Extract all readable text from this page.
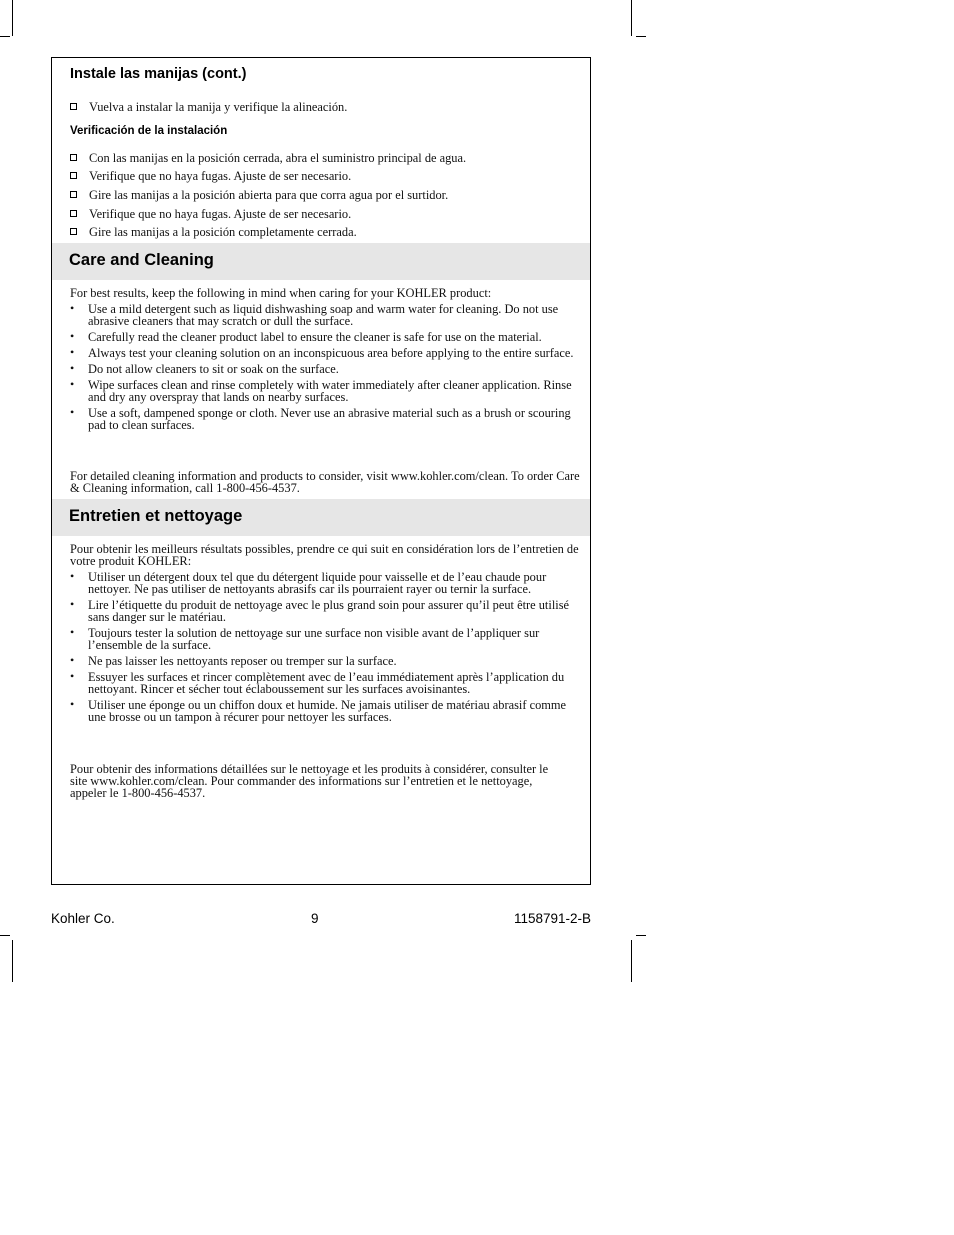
Instale las manijas (cont.)
Vuelva a instalar la manija y verifique la alineación.
Verificación de la instalación
Con las manijas en la posición cerrada, abra el suministro principal de agua.
Verifique que no haya fugas. Ajuste de ser necesario.
Gire las manijas a la posición abierta para que corra agua por el surtidor.
Verifique que no haya fugas. Ajuste de ser necesario.
Gire las manijas a la posición completamente cerrada.
Care and Cleaning

For best results, keep the following in mind when caring for your KOHLER product:

• Use a mild detergent such as liquid dishwashing soap and warm water for cleaning. Do not use abrasive cleaners that may scratch or dull the surface.
• Carefully read the cleaner product label to ensure the cleaner is safe for use on the material.
• Always test your cleaning solution on an inconspicuous area before applying to the entire surface.
• Do not allow cleaners to sit or soak on the surface.
• Wipe surfaces clean and rinse completely with water immediately after cleaner application. Rinse and dry any overspray that lands on nearby surfaces.
• Use a soft, dampened sponge or cloth. Never use an abrasive material such as a brush or scouring pad to clean surfaces.

For detailed cleaning information and products to consider, visit www.kohler.com/clean. To order Care & Cleaning information, call 1-800-456-4537.

Entretien et nettoyage

Pour obtenir les meilleurs résultats possibles, prendre ce qui suit en considération lors de l’entretien de votre produit KOHLER:

• Utiliser un détergent doux tel que du détergent liquide pour vaisselle et de l’eau chaude pour nettoyer. Ne pas utiliser de nettoyants abrasifs car ils pourraient rayer ou ternir la surface.
• Lire l’étiquette du produit de nettoyage avec le plus grand soin pour assurer qu’il peut être utilisé sans danger sur le matériau.
• Toujours tester la solution de nettoyage sur une surface non visible avant de l’appliquer sur l’ensemble de la surface.
• Ne pas laisser les nettoyants reposer ou tremper sur la surface.
• Essuyer les surfaces et rincer complètement avec de l’eau immédiatement après l’application du nettoyant. Rincer et sécher tout éclaboussement sur les surfaces avoisinantes.
• Utiliser une éponge ou un chiffon doux et humide. Ne jamais utiliser de matériau abrasif comme une brosse ou un tampon à récurer pour nettoyer les surfaces.

Pour obtenir des informations détaillées sur le nettoyage et les produits à considérer, consulter le site www.kohler.com/clean. Pour commander des informations sur l’entretien et le nettoyage, appeler le 1-800-456-4537.

Kohler Co.	9	1158791-2-B
